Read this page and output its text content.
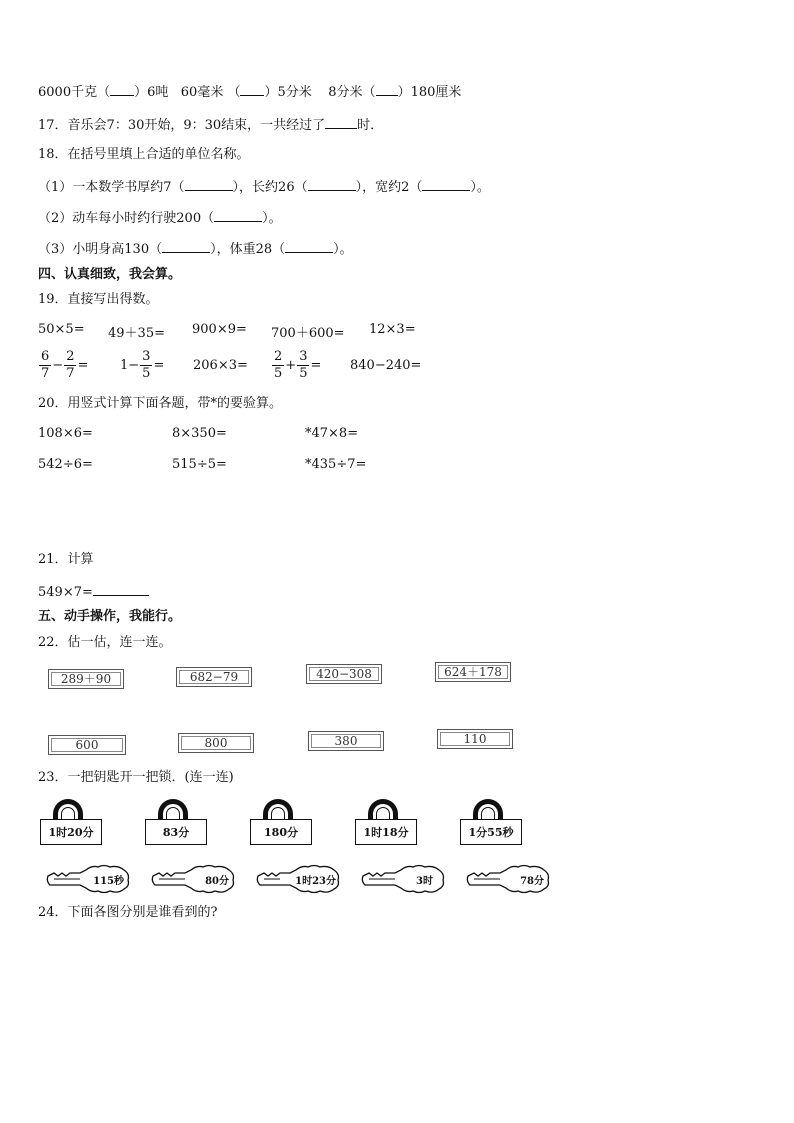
6000千克（ ）6吨 60毫米 （ ）5分米 8分米（ ）180厘米
17．音乐会7：30开始，9：30结束，一共经过了 时．
18．在括号里填上合适的单位名称。
（1）一本数学书厚约7（	），长约26（	），宽约2（	）。
（2）动车每小时约行驶200（	）。
（3）小明身高130（	），体重28（	）。
四、认真细致，我会算。
19．直接写出得数。
50×5= 49＋35= 900×9= 700＋600= 12×3=
$\frac{6}{7} - \frac{2}{7} = 1- \frac{3}{5} = 206\times 3= \frac{2}{5} + \frac{3}{5} = 840-240=$
20．用竖式计算下面各题，带*的要验算。
108×6=	8×350=	*47×8=
542÷6=	515÷5=	*435÷7=
21．计算
549×7=
五、动手操作，我能行。
22．估一估，连一连。
289＋90	682−79	420−308	624＋178
600	800	380	110
23．一把钥匙开一把锁．(连一连)
1时20分	83分	180分	1时18分	1分55秒
115秒	80分	1时23分	3时	78分
24．下面各图分别是谁看到的?
